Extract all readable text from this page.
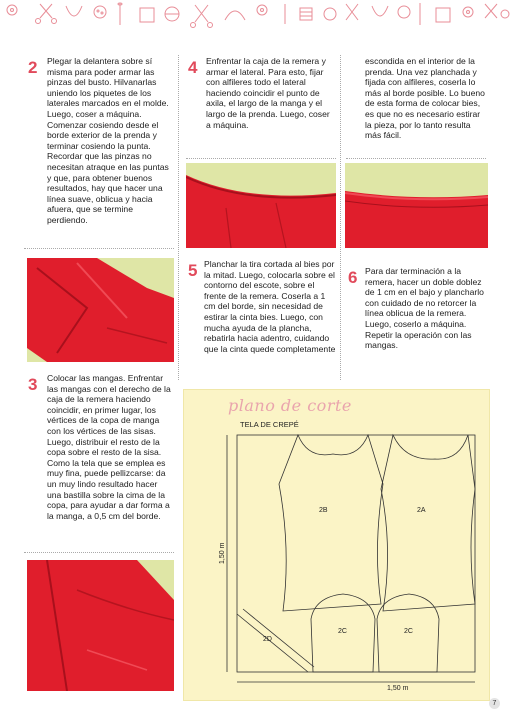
2 Plegar la delantera sobre sí misma para poder armar las pinzas del busto. Hilvanarlas uniendo los piquetes de los laterales marcados en el molde. Luego, coser a máquina. Comenzar cosiendo desde el borde exterior de la prenda y terminar cosiendo la punta. Recordar que las pinzas no necesitan atraque en las puntas y que, para obtener buenos resultados, hay que hacer una línea suave, oblicua y hacia afuera, que se termine perdiendo.

4 Enfrentar la caja de la remera y armar el lateral. Para esto, fijar con alfileres todo el lateral haciendo coincidir el punto de axila, el largo de la manga y el largo de la prenda. Luego, coser a máquina.

escondida en el interior de la prenda. Una vez planchada y fijada con alfileres, coserla lo más al borde posible. Lo bueno de esta forma de colocar bies, es que no es necesario estirar la pieza, por lo tanto resulta más fácil.

5 Planchar la tira cortada al bies por la mitad. Luego, colocarla sobre el contorno del escote, sobre el frente de la remera. Coserla a 1 cm del borde, sin necesidad de estirar la cinta bies. Luego, con mucha ayuda de la plancha, rebatirla hacia adentro, cuidando que la cinta quede completamente

6 Para dar terminación a la remera, hacer un doble doblez de 1 cm en el bajo y plancharlo con cuidado de no retorcer la línea oblicua de la remera. Luego, coserlo a máquina. Repetir la operación con las mangas.

3 Colocar las mangas. Enfrentar las mangas con el derecho de la caja de la remera haciendo coincidir, en primer lugar, los vértices de la copa de manga con los vértices de las sisas. Luego, distribuir el resto de la copa sobre el resto de la sisa. Como la tela que se emplea es muy fina, puede pellizcarse: da un muy lindo resultado hacer una bastilla sobre la cima de la copa, para ayudar a dar forma a la manga, a 0,5 cm del borde.

plano de corte
TELA DE CREPÉ
2B	2A
2C	2C
2D
1,50 m
1,50 m
7
